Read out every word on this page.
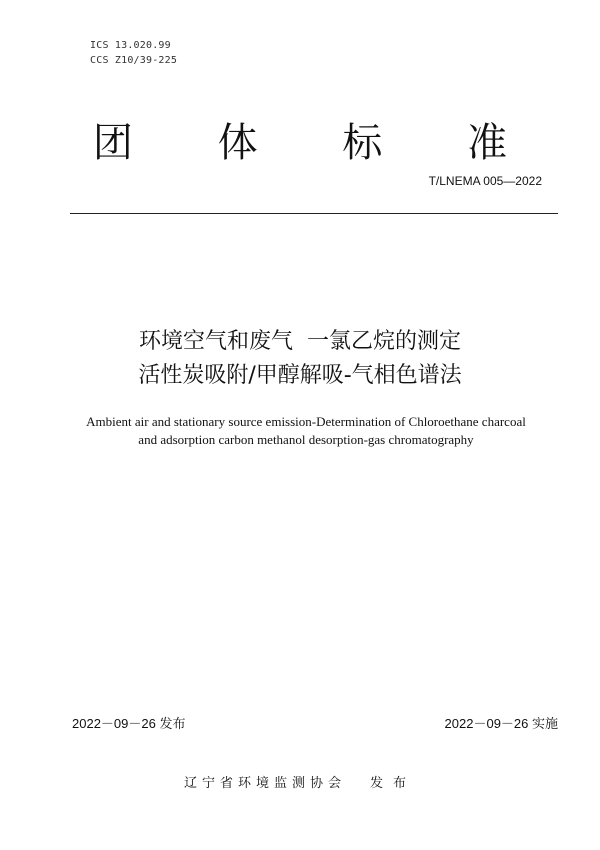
ICS 13.020.99
CCS Z10/39-225
团 体 标 准
T/LNEMA 005—2022
环境空气和废气  一氯乙烷的测定
活性炭吸附/甲醇解吸-气相色谱法
Ambient air and stationary source emission-Determination of Chloroethane charcoal
and adsorption carbon methanol desorption-gas chromatography
2022－09－26 发布	2022－09－26 实施
辽宁省环境监测协会 发布
